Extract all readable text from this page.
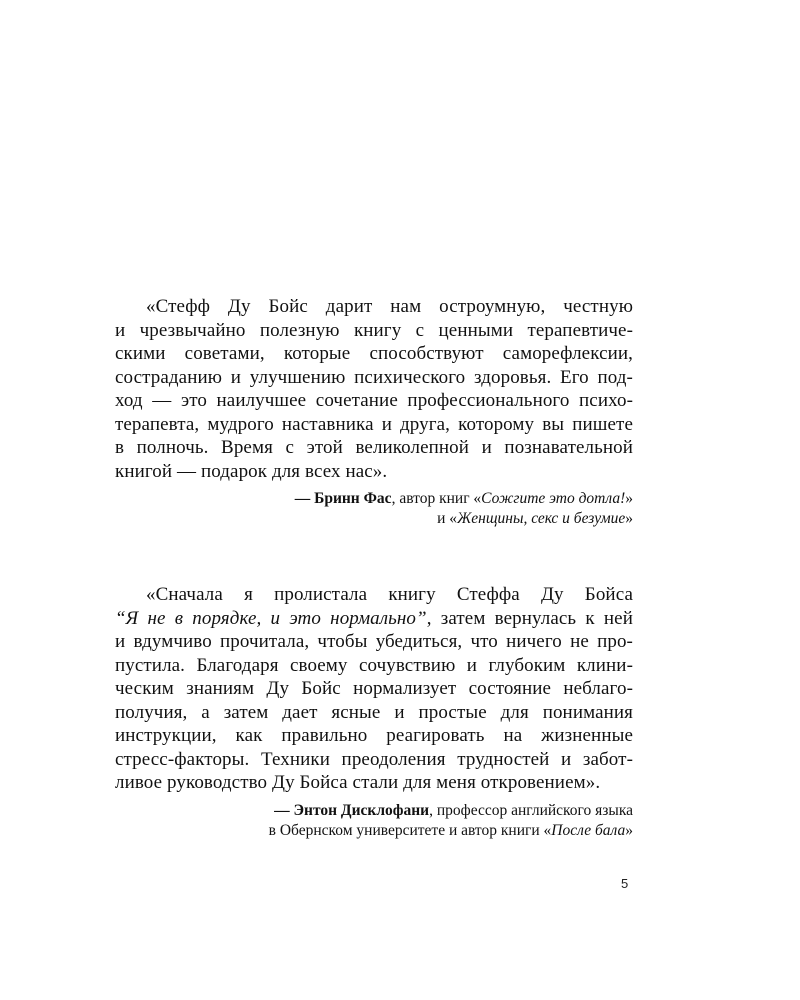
«Стефф Ду Бойс дарит нам остроумную, честную
и чрезвычайно полезную книгу с ценными терапевтиче-
скими советами, которые способствуют саморефлексии,
состраданию и улучшению психического здоровья. Его под-
ход — это наилучшее сочетание профессионального психо-
терапевта, мудрого наставника и друга, которому вы пишете
в полночь. Время с этой великолепной и познавательной
книгой — подарок для всех нас».
— Бринн Фас, автор книг «Сожгите это дотла!»
и «Женщины, секс и безумие»
«Сначала я пролистала книгу Стеффа Ду Бойса
“Я не в порядке, и это нормально”, затем вернулась к ней
и вдумчиво прочитала, чтобы убедиться, что ничего не про-
пустила. Благодаря своему сочувствию и глубоким клини-
ческим знаниям Ду Бойс нормализует состояние неблаго-
получия, а затем дает ясные и простые для понимания
инструкции, как правильно реагировать на жизненные
стресс-факторы. Техники преодоления трудностей и забот-
ливое руководство Ду Бойса стали для меня откровением».
— Энтон Дисклофани, профессор английского языка
в Обернском университете и автор книги «После бала»
5
